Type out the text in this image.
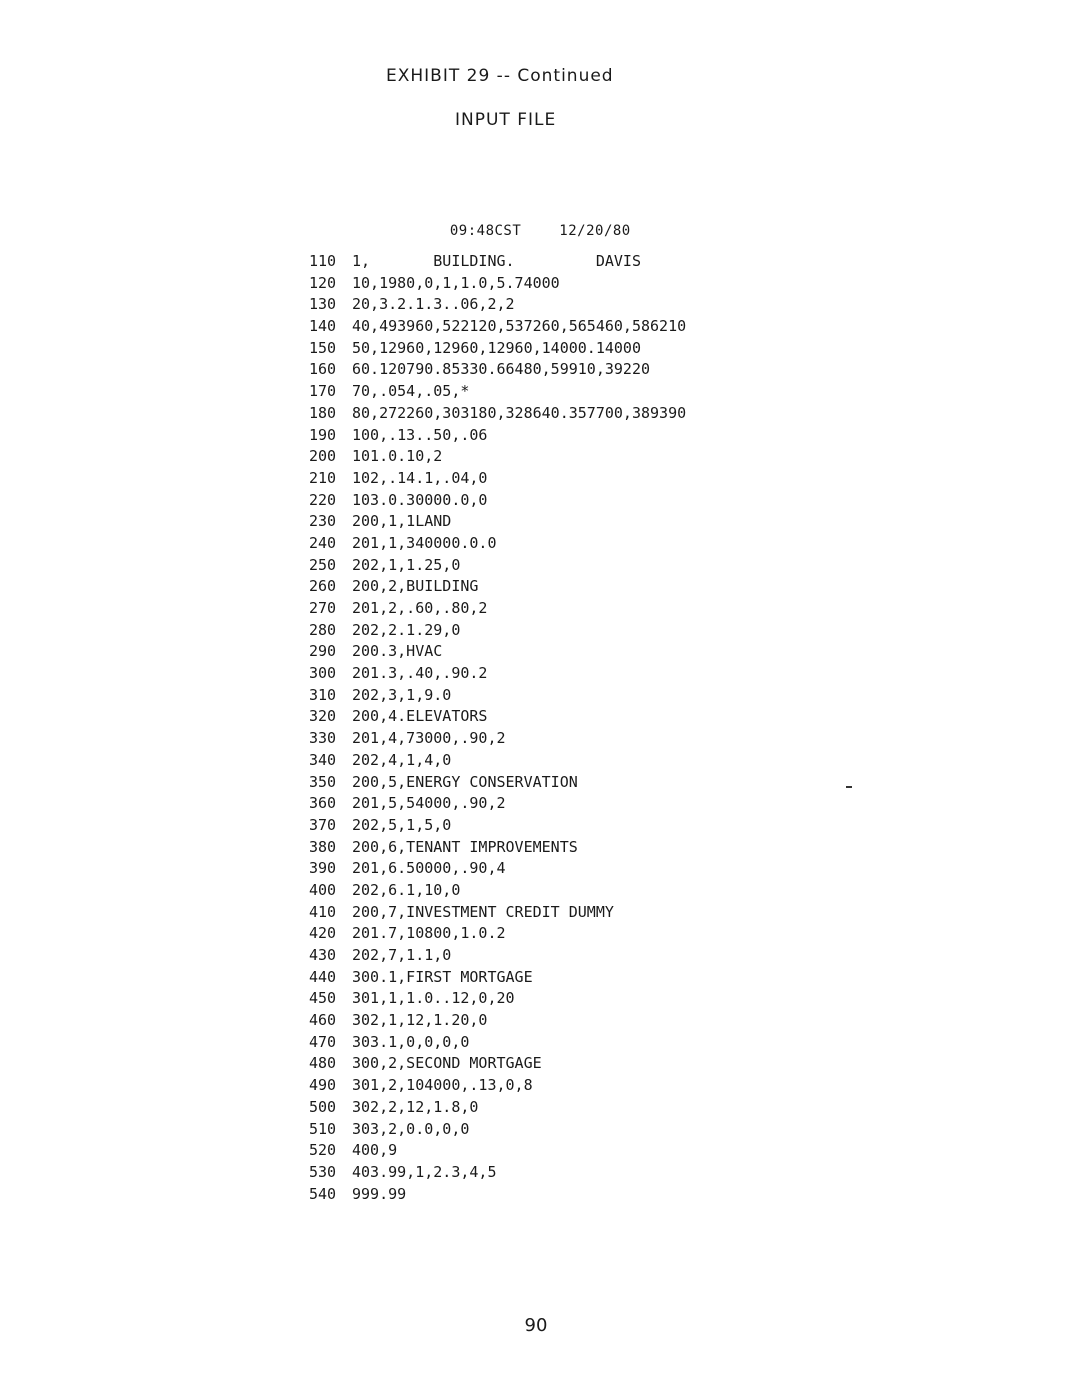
EXHIBIT 29 -- Continued
INPUT FILE

09:48CST	12/20/80

110	1,       BUILDING.         DAVIS
120	10,1980,0,1,1.0,5.74000
130	20,3.2.1.3..06,2,2
140	40,493960,522120,537260,565460,586210
150	50,12960,12960,12960,14000.14000
160	60.120790.85330.66480,59910,39220
170	70,.054,.05,*
180	80,272260,303180,328640.357700,389390
190	100,.13..50,.06
200	101.0.10,2
210	102,.14.1,.04,0
220	103.0.30000.0,0
230	200,1,1LAND
240	201,1,340000.0.0
250	202,1,1.25,0
260	200,2,BUILDING
270	201,2,.60,.80,2
280	202,2.1.29,0
290	200.3,HVAC
300	201.3,.40,.90.2
310	202,3,1,9.0
320	200,4.ELEVATORS
330	201,4,73000,.90,2
340	202,4,1,4,0
350	200,5,ENERGY CONSERVATION
360	201,5,54000,.90,2
370	202,5,1,5,0
380	200,6,TENANT IMPROVEMENTS
390	201,6.50000,.90,4
400	202,6.1,10,0
410	200,7,INVESTMENT CREDIT DUMMY
420	201.7,10800,1.0.2
430	202,7,1.1,0
440	300.1,FIRST MORTGAGE
450	301,1,1.0..12,0,20
460	302,1,12,1.20,0
470	303.1,0,0,0,0
480	300,2,SECOND MORTGAGE
490	301,2,104000,.13,0,8
500	302,2,12,1.8,0
510	303,2,0.0,0,0
520	400,9
530	403.99,1,2.3,4,5
540	999.99
90
